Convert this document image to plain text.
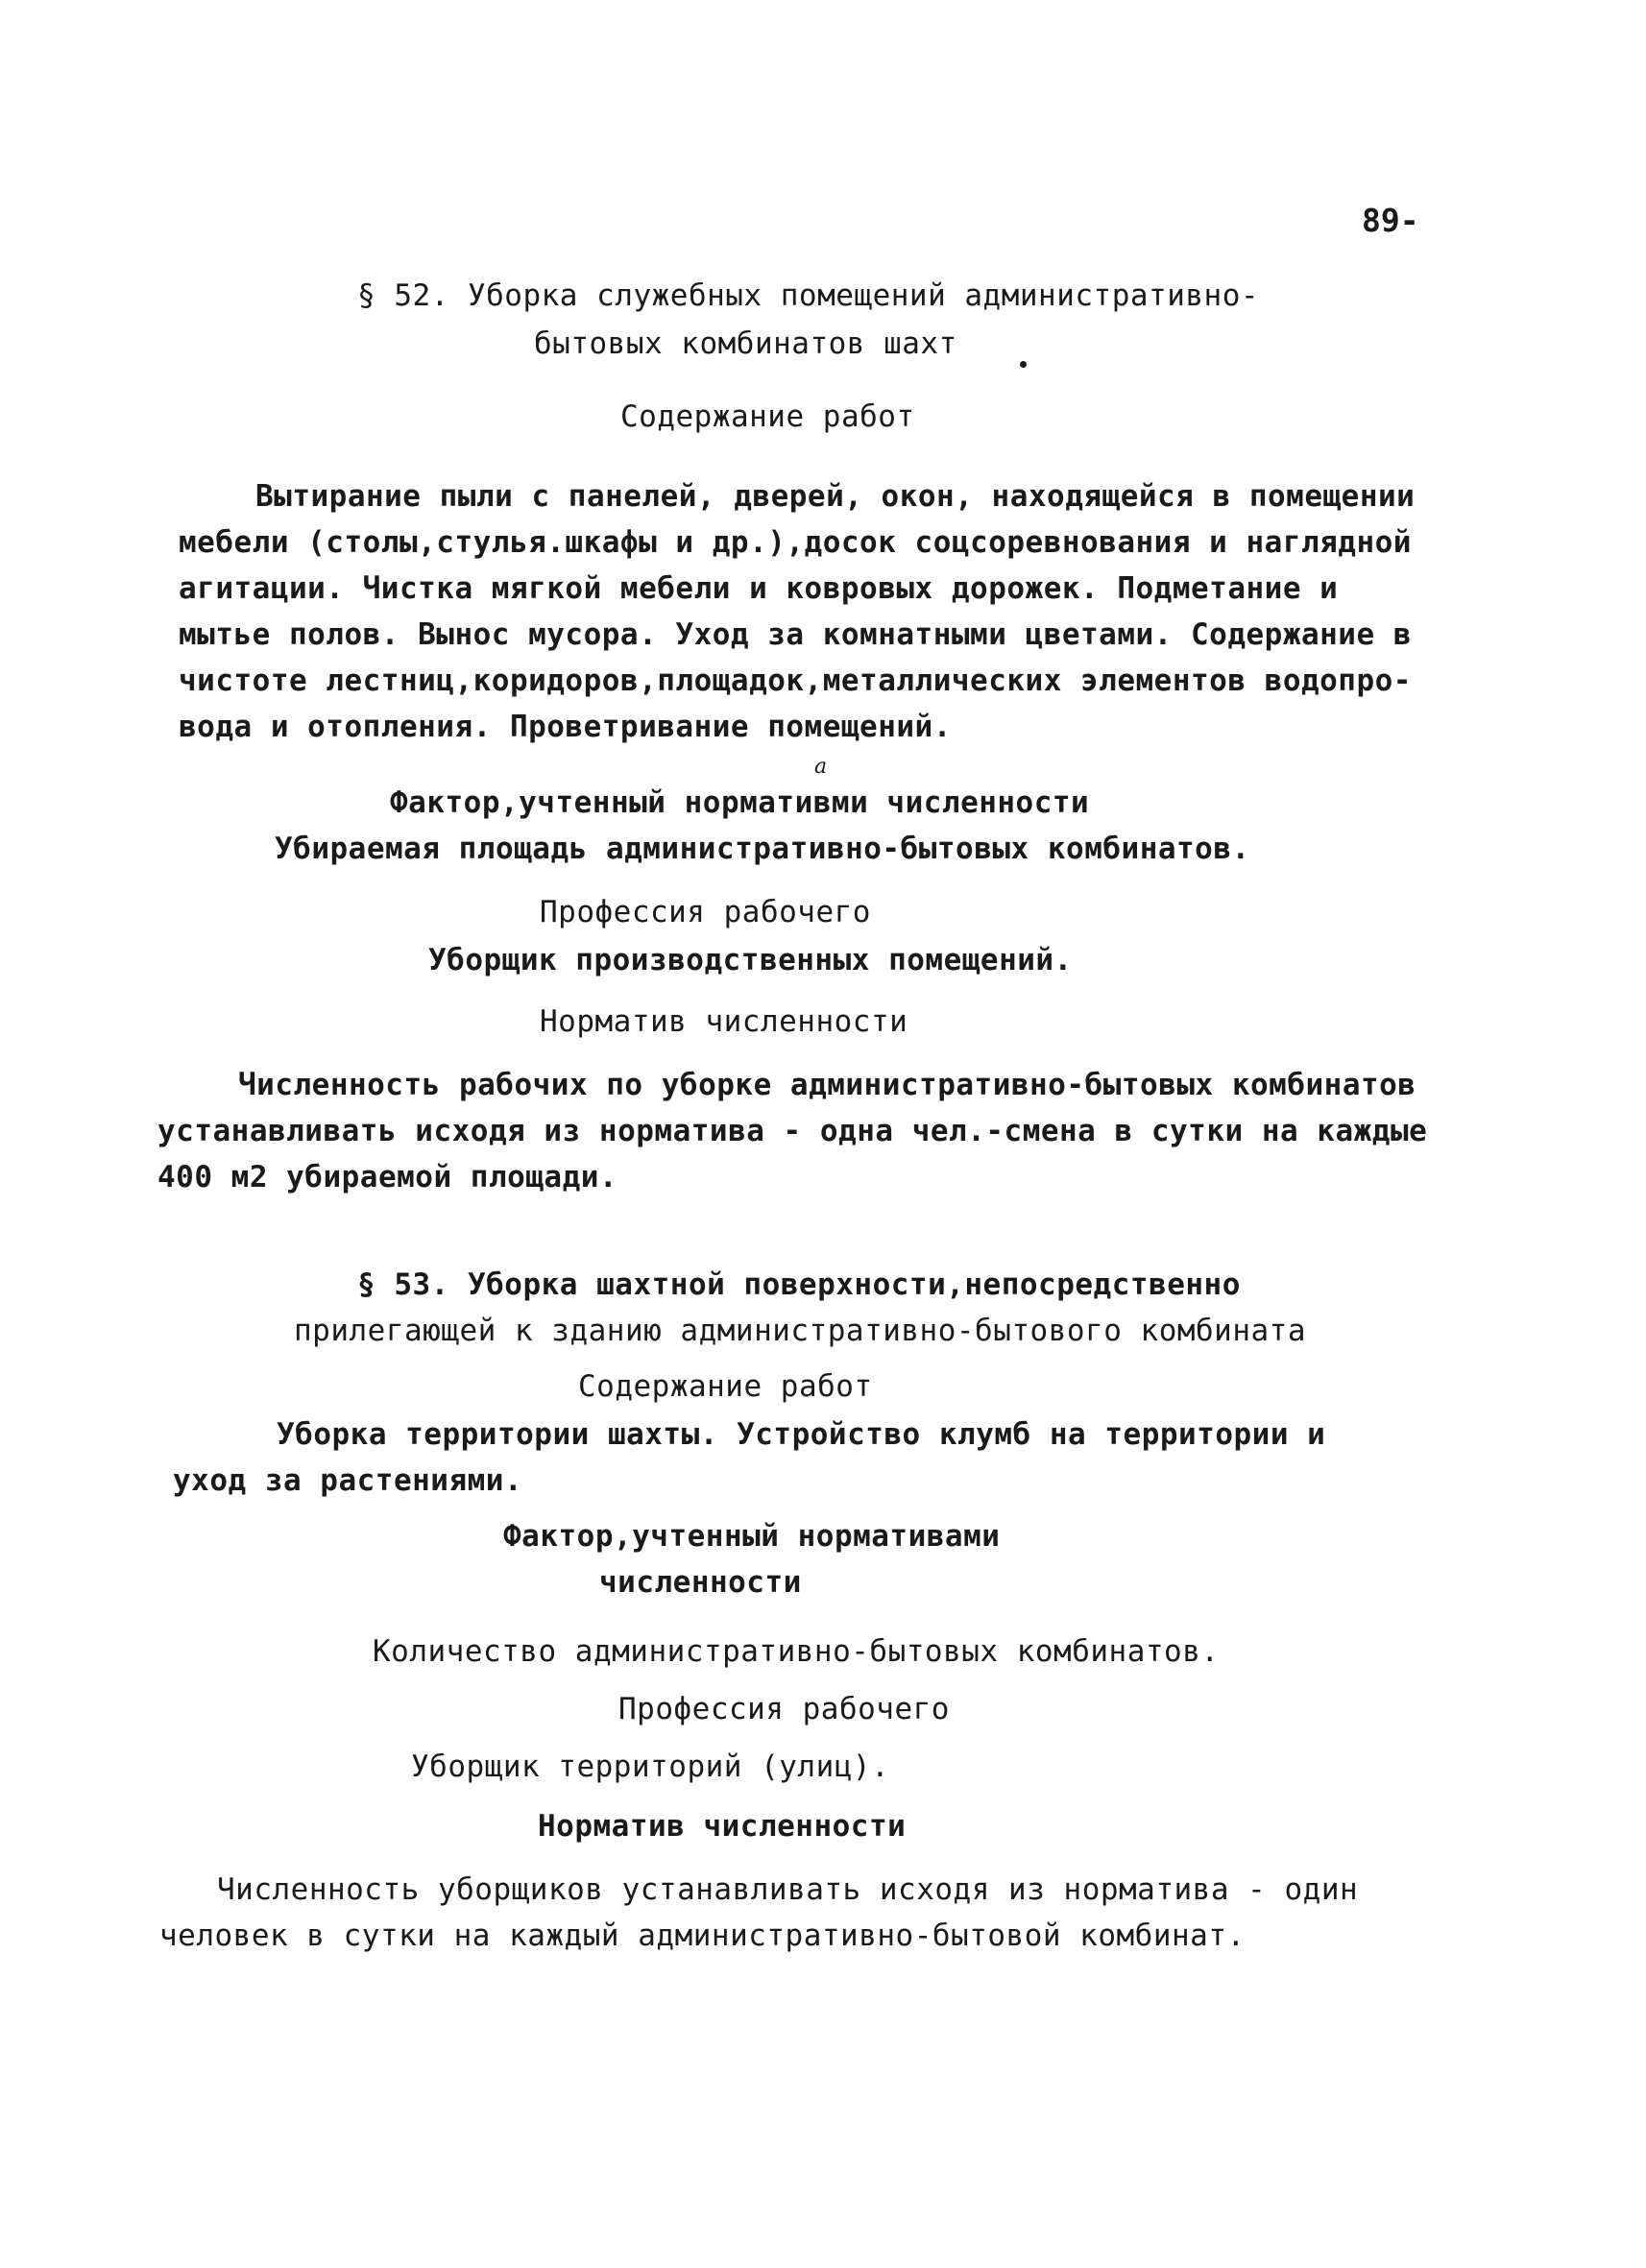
89-
§ 52. Уборка служебных помещений административно-
бытовых комбинатов шахт
Содержание работ
Вытирание пыли с панелей, дверей, окон, находящейся в помещении
мебели (столы,стулья.шкафы и др.),досок соцсоревнования и наглядной
агитации. Чистка мягкой мебели и ковровых дорожек. Подметание и
мытье полов. Вынос мусора. Уход за комнатными цветами. Содержание в
чистоте лестниц,коридоров,площадок,металлических элементов водопро-
вода и отопления. Проветривание помещений.
Фактор,учтенный нормативми численности
а
Убираемая площадь административно-бытовых комбинатов.
Профессия рабочего
Уборщик производственных помещений.
Норматив численности
Численность рабочих по уборке административно-бытовых комбинатов
устанавливать исходя из норматива - одна чел.-смена в сутки на каждые
400 м2 убираемой площади.
§ 53. Уборка шахтной поверхности,непосредственно
прилегающей к зданию административно-бытового комбината
Содержание работ
Уборка территории шахты. Устройство клумб на территории и
уход за растениями.
Фактор,учтенный нормативами
численности
Количество административно-бытовых комбинатов.
Профессия рабочего
Уборщик территорий (улиц).
Норматив численности
Численность уборщиков устанавливать исходя из норматива - один
человек в сутки на каждый административно-бытовой комбинат.
